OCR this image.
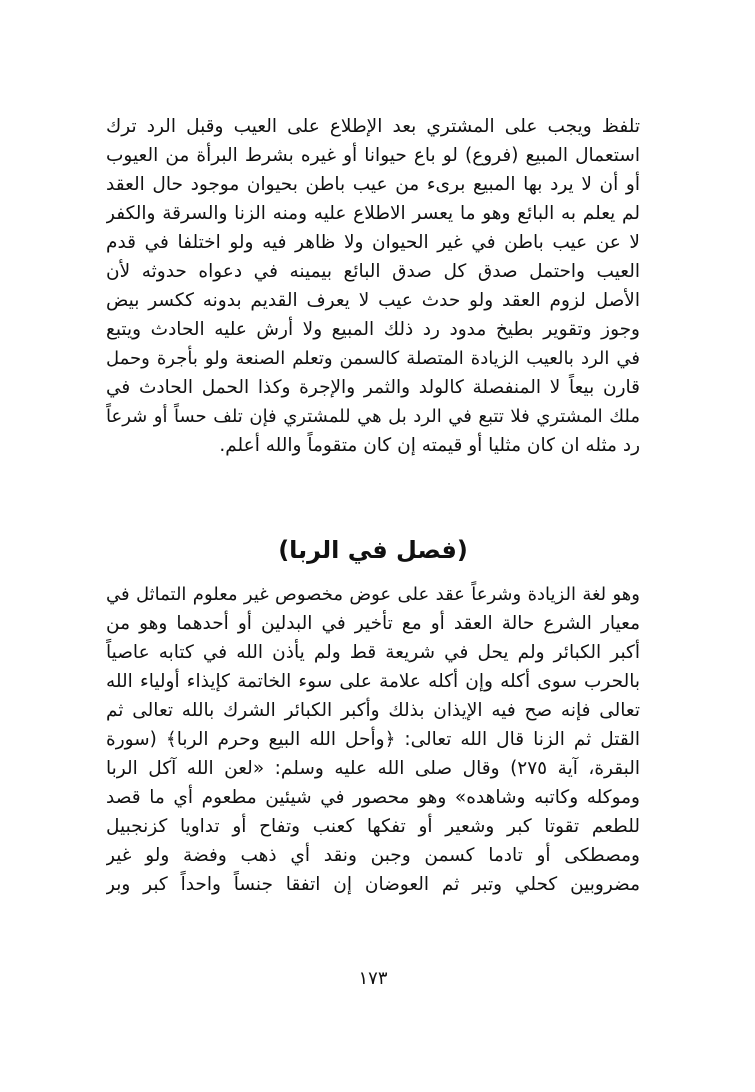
تلفظ ويجب على المشتري بعد الإطلاع على العيب وقبل الرد ترك
استعمال المبيع (فروع) لو باع حيوانا أو غيره بشرط البرأة من العيوب
أو أن لا يرد بها المبيع برىء من عيب باطن بحيوان موجود حال العقد
لم يعلم به البائع وهو ما يعسر الاطلاع عليه ومنه الزنا والسرقة والكفر
لا عن عيب باطن في غير الحيوان ولا ظاهر فيه ولو اختلفا في قدم
العيب واحتمل صدق كل صدق البائع بيمينه في دعواه حدوثه لأن
الأصل لزوم العقد ولو حدث عيب لا يعرف القديم بدونه ككسر بيض
وجوز وتقوير بطيخ مدود رد ذلك المبيع ولا أرش عليه الحادث ويتبع
في الرد بالعيب الزيادة المتصلة كالسمن وتعلم الصنعة ولو بأجرة وحمل
قارن بيعاً لا المنفصلة كالولد والثمر والإجرة وكذا الحمل الحادث في
ملك المشتري فلا تتبع في الرد بل هي للمشتري فإن تلف حساً أو شرعاً
رد مثله ان كان مثليا أو قيمته إن كان متقوماً والله أعلم.
(فصل في الربا)
وهو لغة الزيادة وشرعاً عقد على عوض مخصوص غير معلوم التماثل في
معيار الشرع حالة العقد أو مع تأخير في البدلين أو أحدهما وهو من
أكبر الكبائر ولم يحل في شريعة قط ولم يأذن الله في كتابه عاصياً
بالحرب سوى أكله وإن أكله علامة على سوء الخاتمة كإيذاء أولياء الله
تعالى فإنه صح فيه الإيذان بذلك وأكبر الكبائر الشرك بالله تعالى ثم
القتل ثم الزنا قال الله تعالى: ﴿وأحل الله البيع وحرم الربا﴾ (سورة
البقرة، آية ٢٧٥) وقال صلى الله عليه وسلم: «لعن الله آكل الربا
وموكله وكاتبه وشاهده» وهو محصور في شيئين مطعوم أي ما قصد
للطعم تقوتا كبر وشعير أو تفكها كعنب وتفاح أو تداويا كزنجبيل
ومصطكى أو تادما كسمن وجبن ونقد أي ذهب وفضة ولو غير
مضروبين كحلي وتبر ثم العوضان إن اتفقا جنساً واحداً كبر وبر
١٧٣
